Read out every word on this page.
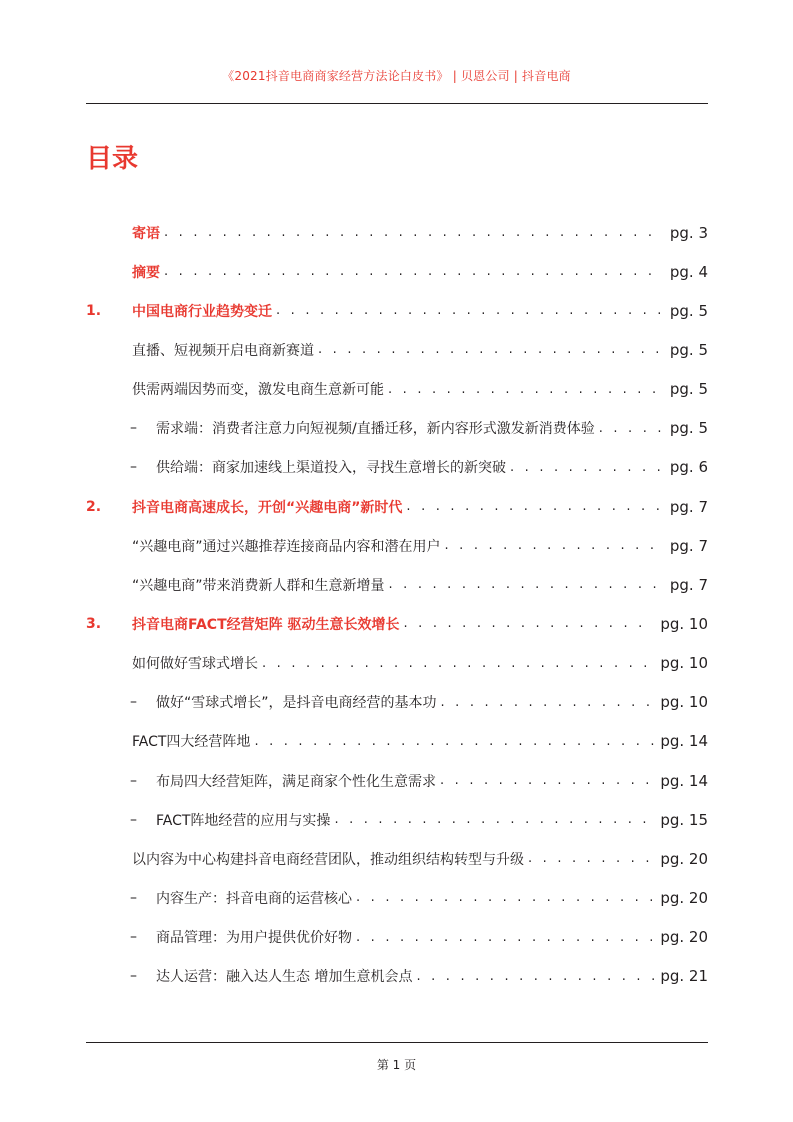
《2021抖音电商商家经营方法论白皮书》 | 贝恩公司 | 抖音电商
目录
寄语 . . .	pg. 3
摘要 . . .	pg. 4
1.	中国电商行业趋势变迁 . . .	pg. 5
直播、短视频开启电商新赛道 . . .	pg. 5
供需两端因势而变，激发电商生意新可能 . . .	pg. 5
– 需求端：消费者注意力向短视频/直播迁移，新内容形式激发新消费体验 . . .	pg. 5
– 供给端：商家加速线上渠道投入，寻找生意增长的新突破 . . .	pg. 6
2.	抖音电商高速成长，开创“兴趣电商”新时代 . . .	pg. 7
“兴趣电商”通过兴趣推荐连接商品内容和潜在用户 . . .	pg. 7
“兴趣电商”带来消费新人群和生意新增量 . . .	pg. 7
3.	抖音电商FACT经营矩阵 驱动生意长效增长 . . .	pg. 10
如何做好雪球式增长 . . .	pg. 10
– 做好“雪球式增长”，是抖音电商经营的基本功 . . .	pg. 10
FACT四大经营阵地 . . .	pg. 14
– 布局四大经营矩阵，满足商家个性化生意需求 . . .	pg. 14
– FACT阵地经营的应用与实操 . . .	pg. 15
以内容为中心构建抖音电商经营团队，推动组织结构转型与升级 . . .	pg. 20
– 内容生产：抖音电商的运营核心 . . .	pg. 20
– 商品管理：为用户提供优价好物 . . .	pg. 20
– 达人运营：融入达人生态 增加生意机会点 . . .	pg. 21
第 1 页
